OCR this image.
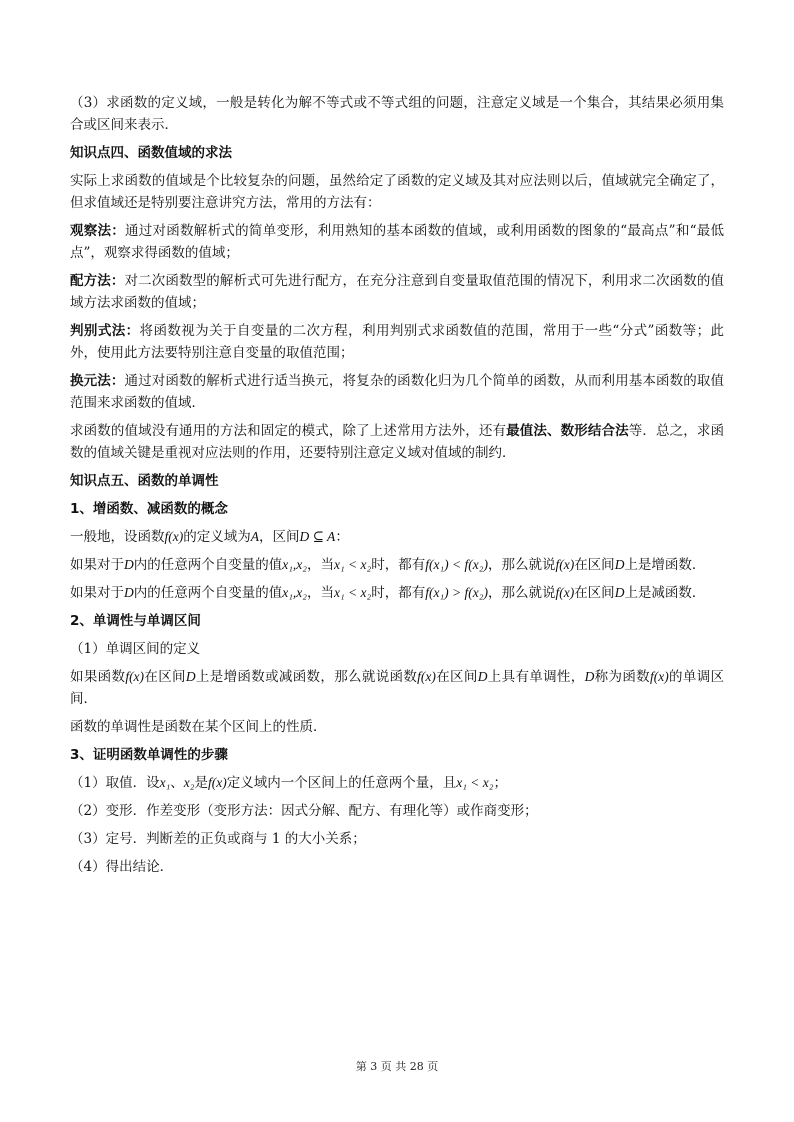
（3）求函数的定义域，一般是转化为解不等式或不等式组的问题，注意定义域是一个集合，其结果必须用集合或区间来表示．

知识点四、函数值域的求法

实际上求函数的值域是个比较复杂的问题，虽然给定了函数的定义域及其对应法则以后，值域就完全确定了，但求值域还是特别要注意讲究方法，常用的方法有：

观察法：通过对函数解析式的简单变形，利用熟知的基本函数的值域，或利用函数的图象的“最高点”和“最低点”，观察求得函数的值域；

配方法：对二次函数型的解析式可先进行配方，在充分注意到自变量取值范围的情况下，利用求二次函数的值域方法求函数的值域；

判别式法：将函数视为关于自变量的二次方程，利用判别式求函数值的范围，常用于一些“分式”函数等；此外，使用此方法要特别注意自变量的取值范围；

换元法：通过对函数的解析式进行适当换元，将复杂的函数化归为几个简单的函数，从而利用基本函数的取值范围来求函数的值域．

求函数的值域没有通用的方法和固定的模式，除了上述常用方法外，还有最值法、数形结合法等．总之，求函数的值域关键是重视对应法则的作用，还要特别注意定义域对值域的制约．

知识点五、函数的单调性

1、增函数、减函数的概念

一般地，设函数f(x)的定义域为A，区间D ⊆ A：

如果对于D内的任意两个自变量的值x₁,x₂，当x₁ < x₂时，都有f(x₁) < f(x₂)，那么就说f(x)在区间D上是增函数．

如果对于D内的任意两个自变量的值x₁,x₂，当x₁ < x₂时，都有f(x₁) > f(x₂)，那么就说f(x)在区间D上是减函数．

2、单调性与单调区间

（1）单调区间的定义

如果函数f(x)在区间D上是增函数或减函数，那么就说函数f(x)在区间D上具有单调性，D称为函数f(x)的单调区间．

函数的单调性是函数在某个区间上的性质．

3、证明函数单调性的步骤

（1）取值．设x₁、x₂是f(x)定义域内一个区间上的任意两个量，且x₁ < x₂；

（2）变形．作差变形（变形方法：因式分解、配方、有理化等）或作商变形；

（3）定号．判断差的正负或商与 1 的大小关系；

（4）得出结论．

第 3 页 共 28 页
